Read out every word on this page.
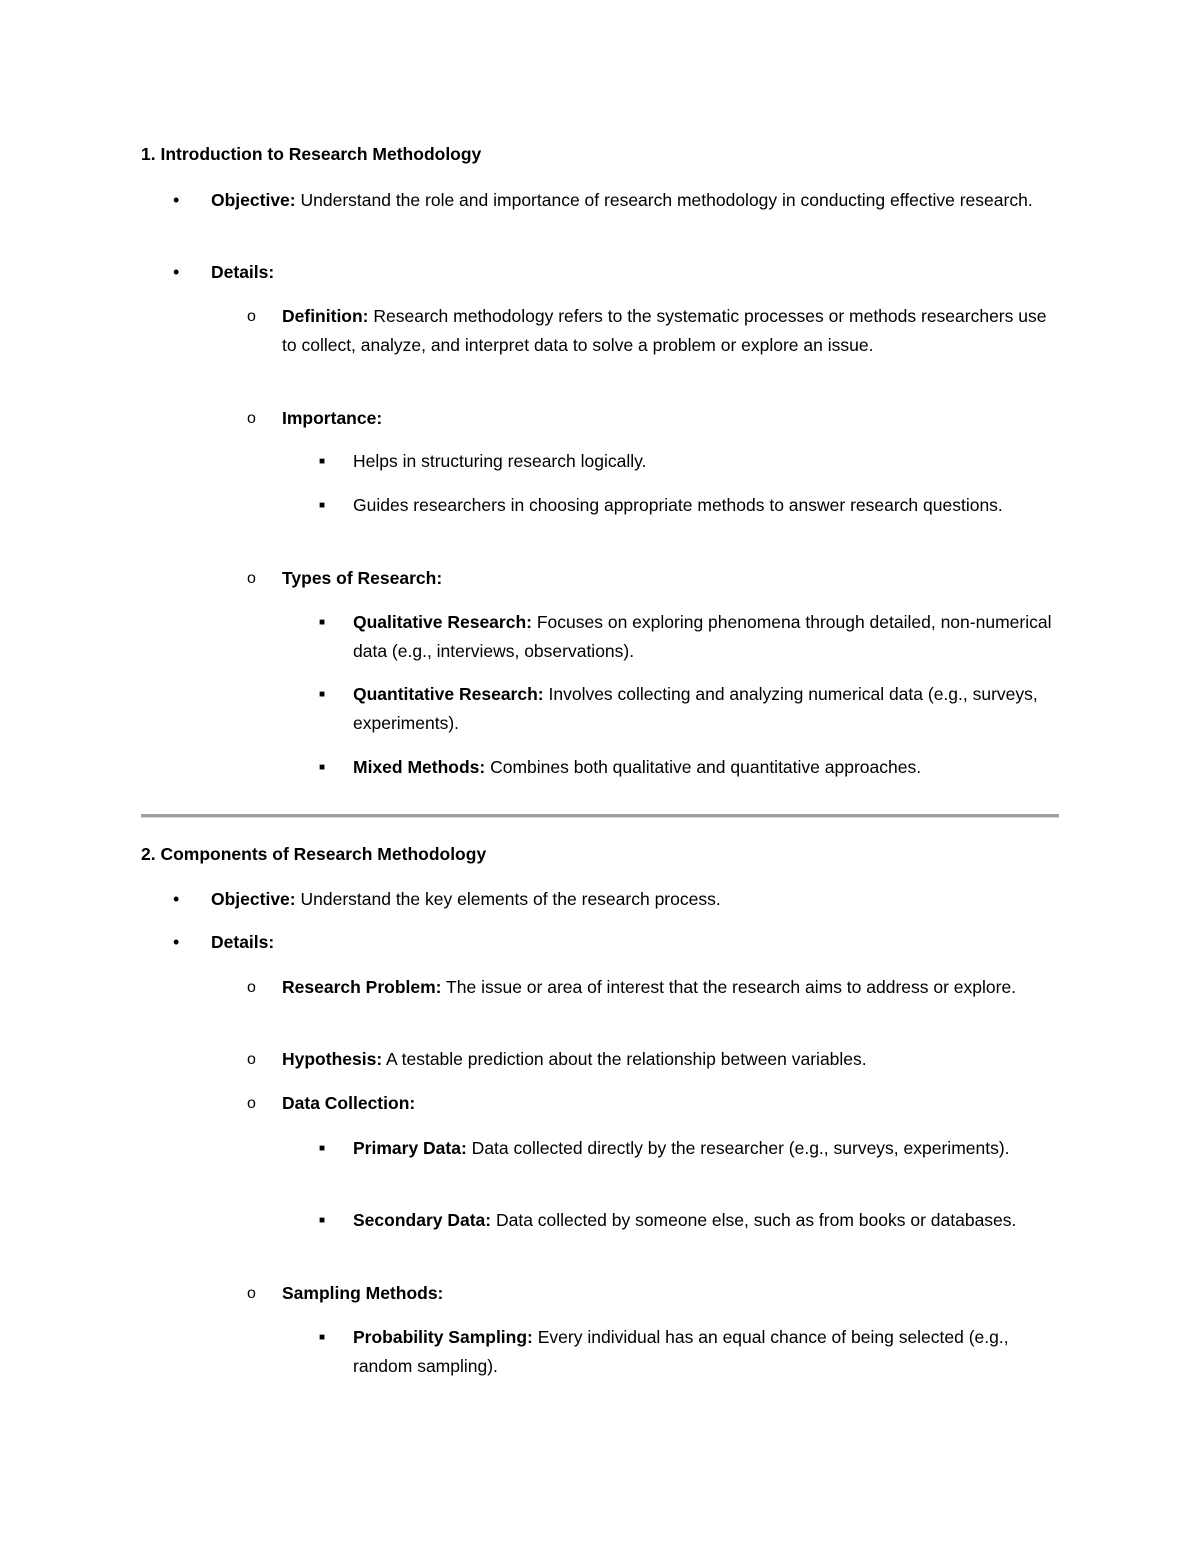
1. Introduction to Research Methodology
• Objective: Understand the role and importance of research methodology in conducting effective research.
• Details:
o Definition: Research methodology refers to the systematic processes or methods researchers use to collect, analyze, and interpret data to solve a problem or explore an issue.
o Importance:
■ Helps in structuring research logically.
■ Guides researchers in choosing appropriate methods to answer research questions.
o Types of Research:
■ Qualitative Research: Focuses on exploring phenomena through detailed, non-numerical data (e.g., interviews, observations).
■ Quantitative Research: Involves collecting and analyzing numerical data (e.g., surveys, experiments).
■ Mixed Methods: Combines both qualitative and quantitative approaches.
2. Components of Research Methodology
• Objective: Understand the key elements of the research process.
• Details:
o Research Problem: The issue or area of interest that the research aims to address or explore.
o Hypothesis: A testable prediction about the relationship between variables.
o Data Collection:
■ Primary Data: Data collected directly by the researcher (e.g., surveys, experiments).
■ Secondary Data: Data collected by someone else, such as from books or databases.
o Sampling Methods:
■ Probability Sampling: Every individual has an equal chance of being selected (e.g., random sampling).
